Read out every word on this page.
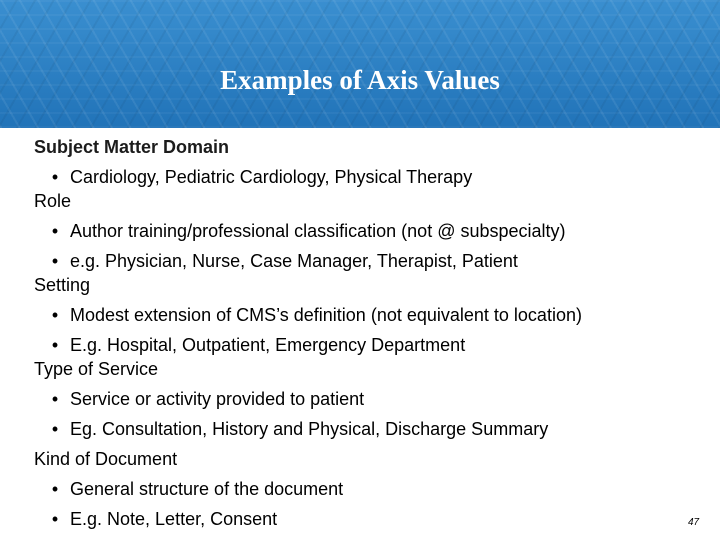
Examples of Axis Values
Subject Matter Domain
• Cardiology, Pediatric Cardiology, Physical Therapy
Role
• Author training/professional classification (not @ subspecialty)
• e.g. Physician, Nurse, Case Manager, Therapist, Patient
Setting
• Modest extension of CMS’s definition (not equivalent to location)
• E.g. Hospital, Outpatient, Emergency Department
Type of Service
• Service or activity provided to patient
• Eg. Consultation, History and Physical, Discharge Summary
Kind of Document
• General structure of the document
• E.g. Note, Letter, Consent	47
